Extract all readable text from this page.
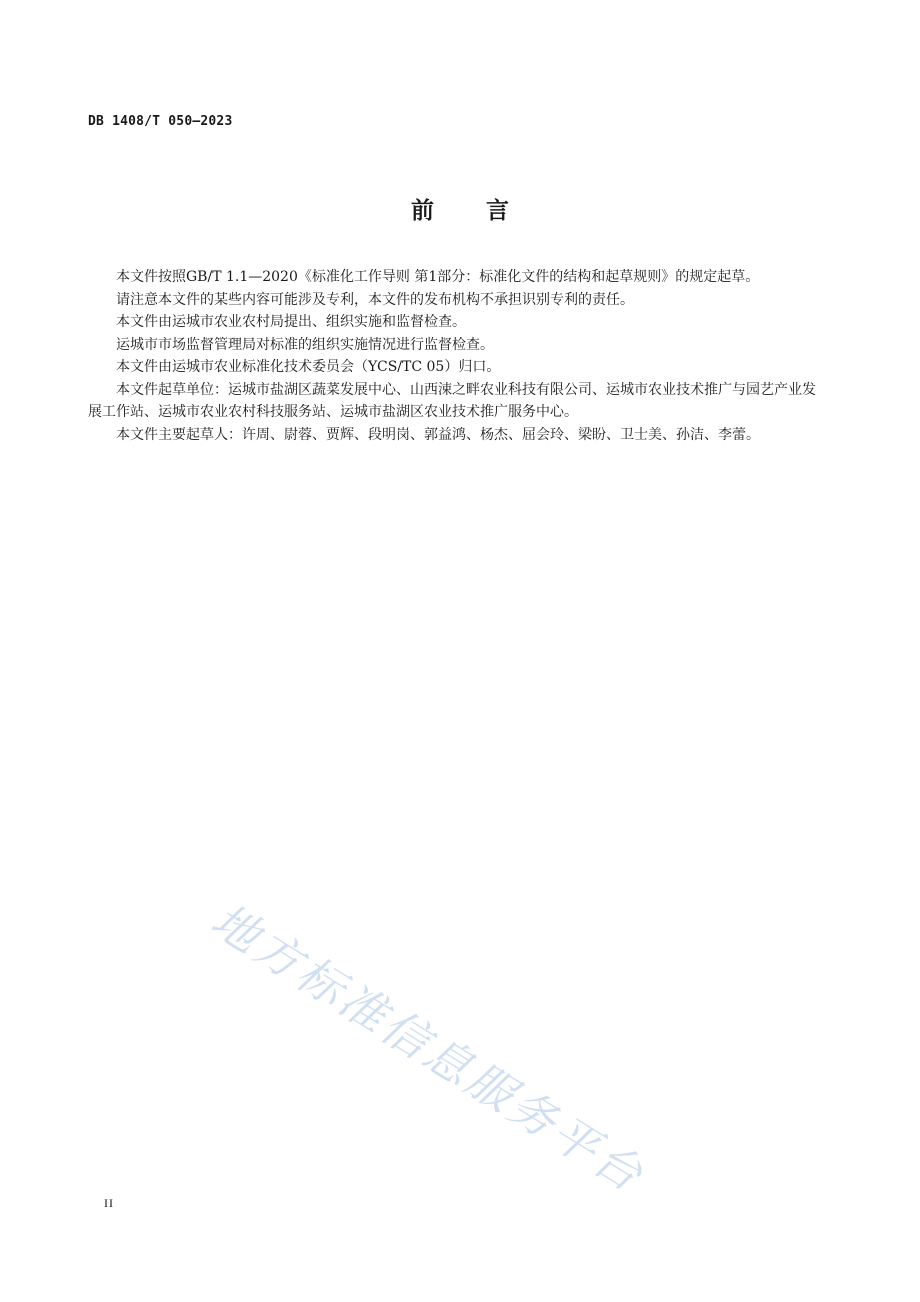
DB 1408/T 050—2023
前 言

本文件按照GB/T 1.1—2020《标准化工作导则 第1部分：标准化文件的结构和起草规则》的规定起草。

请注意本文件的某些内容可能涉及专利，本文件的发布机构不承担识别专利的责任。

本文件由运城市农业农村局提出、组织实施和监督检查。

运城市市场监督管理局对标准的组织实施情况进行监督检查。

本文件由运城市农业标准化技术委员会（YCS/TC 05）归口。

本文件起草单位：运城市盐湖区蔬菜发展中心、山西涑之畔农业科技有限公司、运城市农业技术推广与园艺产业发展工作站、运城市农业农村科技服务站、运城市盐湖区农业技术推广服务中心。

本文件主要起草人：许周、尉蓉、贾辉、段明岗、郭益鸿、杨杰、屈会玲、梁盼、卫士美、孙洁、李蕾。

地方标准信息服务平台
II
